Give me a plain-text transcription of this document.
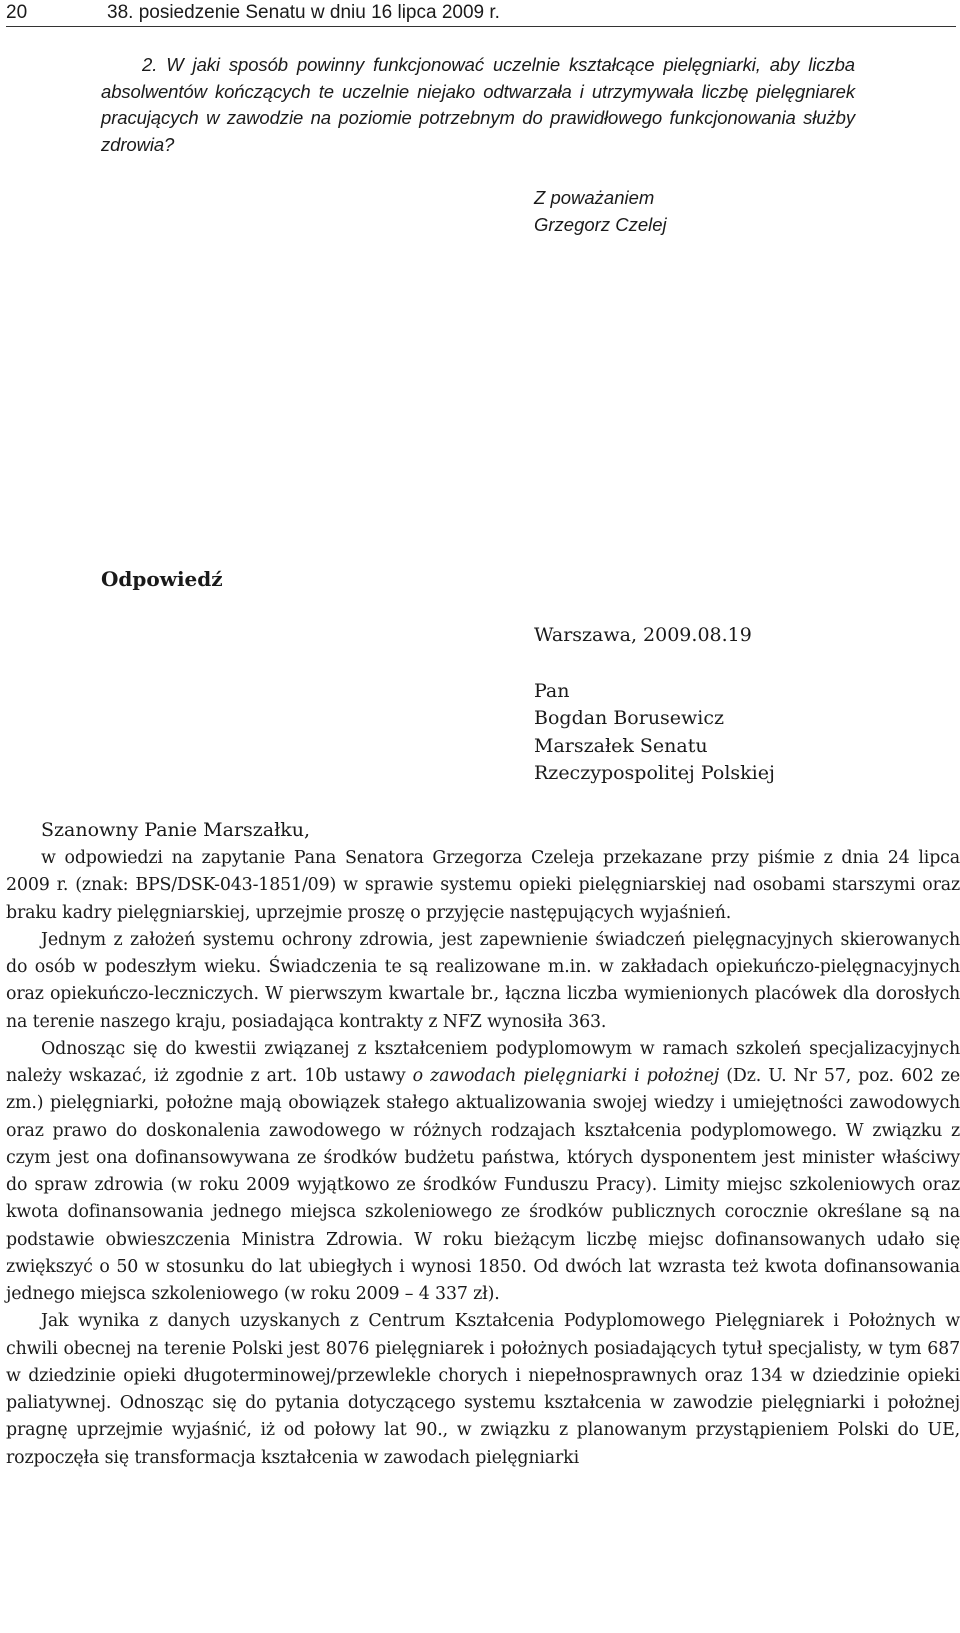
20	38. posiedzenie Senatu w dniu 16 lipca 2009 r.

2. W jaki sposób powinny funkcjonować uczelnie kształcące pielęgniarki, aby liczba absolwentów kończących te uczelnie niejako odtwarzała i utrzymywała liczbę pielęgniarek pracujących w zawodzie na poziomie potrzebnym do prawidłowego funkcjonowania służby zdrowia?

Z poważaniem
Grzegorz Czelej
Odpowiedź
Warszawa, 2009.08.19
Pan
Bogdan Borusewicz
Marszałek Senatu
Rzeczypospolitej Polskiej
Szanowny Panie Marszałku,

w odpowiedzi na zapytanie Pana Senatora Grzegorza Czeleja przekazane przy piśmie z dnia 24 lipca 2009 r. (znak: BPS/DSK-043-1851/09) w sprawie systemu opieki pielęgniarskiej nad osobami starszymi oraz braku kadry pielęgniarskiej, uprzejmie proszę o przyjęcie następujących wyjaśnień.

Jednym z założeń systemu ochrony zdrowia, jest zapewnienie świadczeń pielęgnacyjnych skierowanych do osób w podeszłym wieku. Świadczenia te są realizowane m.in. w zakładach opiekuńczo-pielęgnacyjnych oraz opiekuńczo-leczniczych. W pierwszym kwartale br., łączna liczba wymienionych placówek dla dorosłych na terenie naszego kraju, posiadająca kontrakty z NFZ wynosiła 363.

Odnosząc się do kwestii związanej z kształceniem podyplomowym w ramach szkoleń specjalizacyjnych należy wskazać, iż zgodnie z art. 10b ustawy o zawodach pielęgniarki i położnej (Dz. U. Nr 57, poz. 602 ze zm.) pielęgniarki, położne mają obowiązek stałego aktualizowania swojej wiedzy i umiejętności zawodowych oraz prawo do doskonalenia zawodowego w różnych rodzajach kształcenia podyplomowego. W związku z czym jest ona dofinansowywana ze środków budżetu państwa, których dysponentem jest minister właściwy do spraw zdrowia (w roku 2009 wyjątkowo ze środków Funduszu Pracy). Limity miejsc szkoleniowych oraz kwota dofinansowania jednego miejsca szkoleniowego ze środków publicznych corocznie określane są na podstawie obwieszczenia Ministra Zdrowia. W roku bieżącym liczbę miejsc dofinansowanych udało się zwiększyć o 50 w stosunku do lat ubiegłych i wynosi 1850. Od dwóch lat wzrasta też kwota dofinansowania jednego miejsca szkoleniowego (w roku 2009 – 4 337 zł).

Jak wynika z danych uzyskanych z Centrum Kształcenia Podyplomowego Pielęgniarek i Położnych w chwili obecnej na terenie Polski jest 8076 pielęgniarek i położnych posiadających tytuł specjalisty, w tym 687 w dziedzinie opieki długoterminowej/przewlekle chorych i niepełnosprawnych oraz 134 w dziedzinie opieki paliatywnej. Odnosząc się do pytania dotyczącego systemu kształcenia w zawodzie pielęgniarki i położnej pragnę uprzejmie wyjaśnić, iż od połowy lat 90., w związku z planowanym przystąpieniem Polski do UE, rozpoczęła się transformacja kształcenia w zawodach pielęgniarki
